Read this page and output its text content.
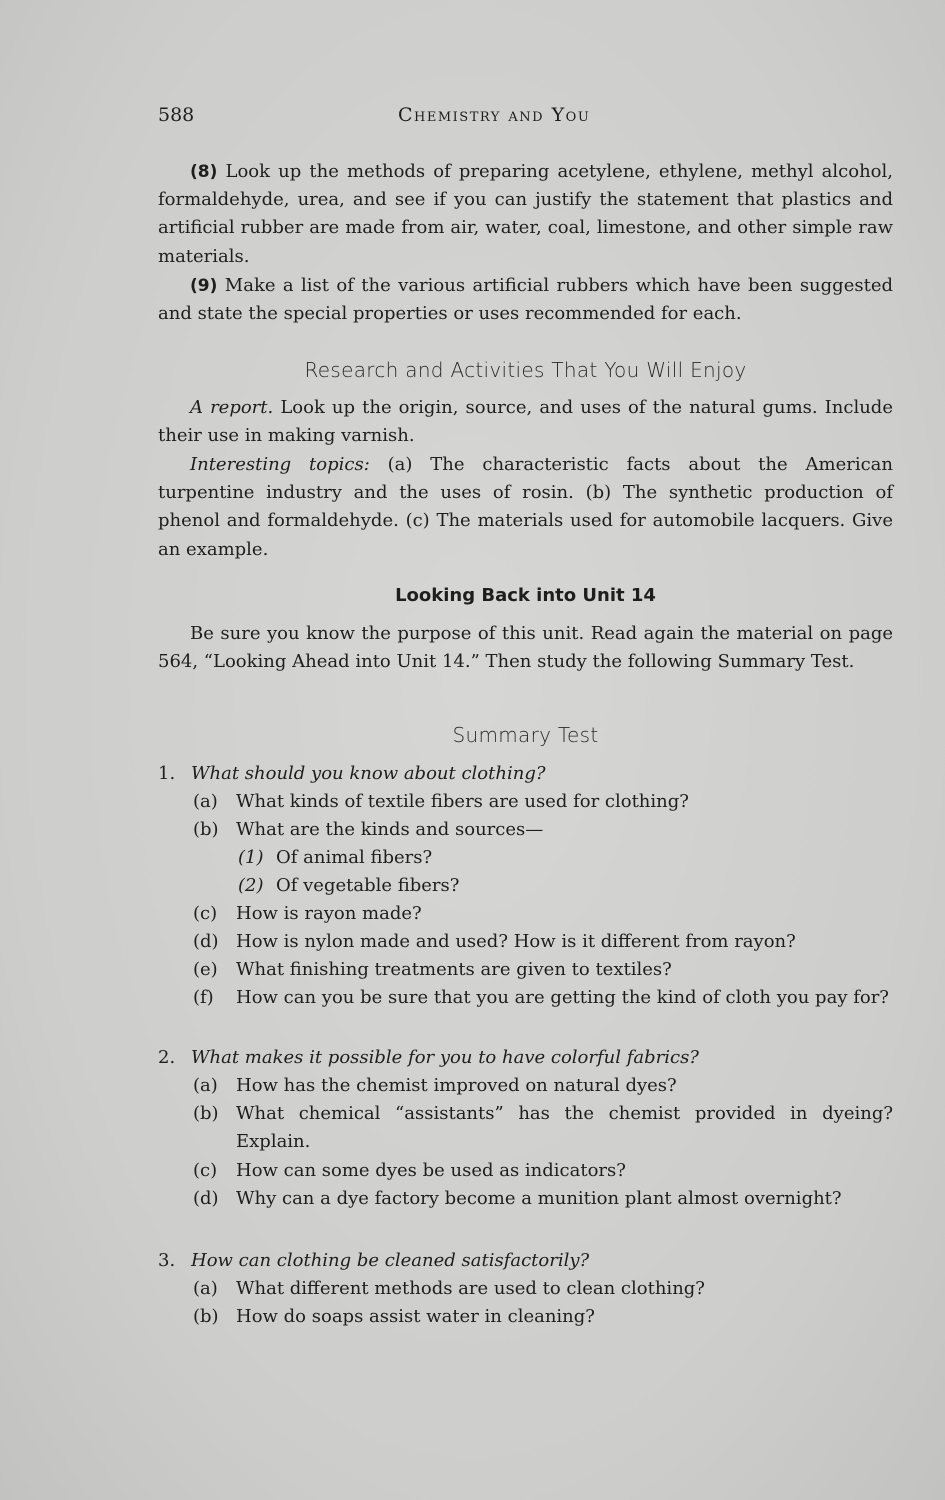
588	Chemistry and You
(8) Look up the methods of preparing acetylene, ethylene, methyl alcohol, formaldehyde, urea, and see if you can justify the statement that plastics and artificial rubber are made from air, water, coal, limestone, and other simple raw materials.
(9) Make a list of the various artificial rubbers which have been suggested and state the special properties or uses recommended for each.
Research and Activities That You Will Enjoy
A report. Look up the origin, source, and uses of the natural gums. Include their use in making varnish.
Interesting topics: (a) The characteristic facts about the American turpentine industry and the uses of rosin. (b) The synthetic production of phenol and formaldehyde. (c) The materials used for automobile lacquers. Give an example.
Looking Back into Unit 14
Be sure you know the purpose of this unit. Read again the material on page 564, “Looking Ahead into Unit 14.” Then study the following Summary Test.
Summary Test
1. What should you know about clothing?
(a) What kinds of textile fibers are used for clothing?
(b) What are the kinds and sources—
(1) Of animal fibers?
(2) Of vegetable fibers?
(c) How is rayon made?
(d) How is nylon made and used? How is it different from rayon?
(e) What finishing treatments are given to textiles?
(f) How can you be sure that you are getting the kind of cloth you pay for?
2. What makes it possible for you to have colorful fabrics?
(a) How has the chemist improved on natural dyes?
(b) What chemical “assistants” has the chemist provided in dyeing? Explain.
(c) How can some dyes be used as indicators?
(d) Why can a dye factory become a munition plant almost overnight?
3. How can clothing be cleaned satisfactorily?
(a) What different methods are used to clean clothing?
(b) How do soaps assist water in cleaning?
